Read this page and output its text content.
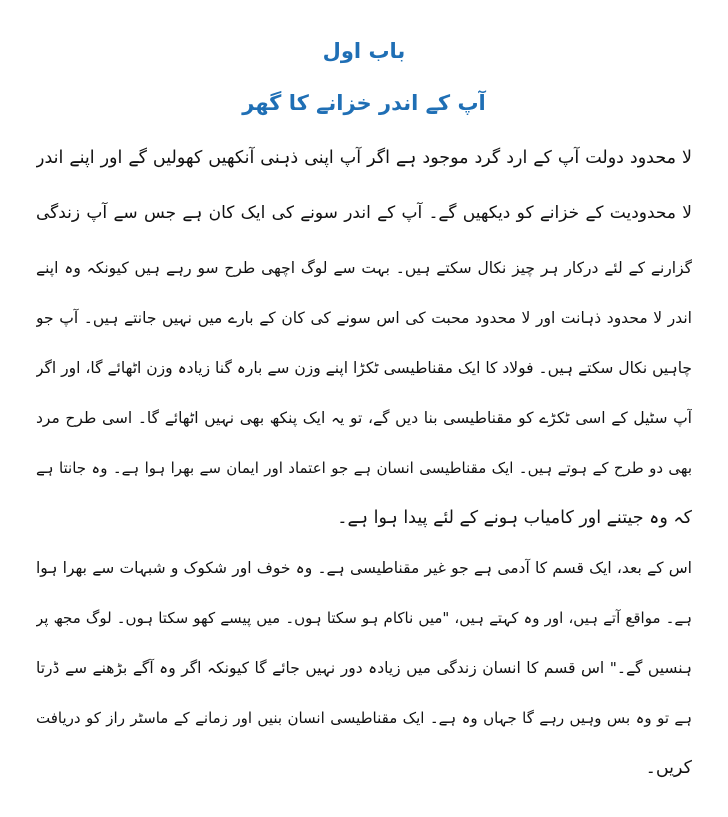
باب اول
آپ کے اندر خزانے کا گھر
لا محدود دولت آپ کے ارد گرد موجود ہے اگر آپ اپنی ذہنی آنکھیں کھولیں گے اور اپنے اندر
لا محدودیت کے خزانے کو دیکھیں گے۔ آپ کے اندر سونے کی ایک کان ہے جس سے آپ زندگی
گزارنے کے لئے درکار ہر چیز نکال سکتے ہیں۔ بہت سے لوگ اچھی طرح سو رہے ہیں کیونکہ وہ اپنے
اندر لا محدود ذہانت اور لا محدود محبت کی اس سونے کی کان کے بارے میں نہیں جانتے ہیں۔ آپ جو
چاہیں نکال سکتے ہیں۔ فولاد کا ایک مقناطیسی ٹکڑا اپنے وزن سے بارہ گنا زیادہ وزن اٹھائے گا، اور اگر
آپ سٹیل کے اسی ٹکڑے کو مقناطیسی بنا دیں گے، تو یہ ایک پنکھ بھی نہیں اٹھائے گا۔ اسی طرح مرد
بھی دو طرح کے ہوتے ہیں۔ ایک مقناطیسی انسان ہے جو اعتماد اور ایمان سے بھرا ہوا ہے۔ وہ جانتا ہے
کہ وہ جیتنے اور کامیاب ہونے کے لئے پیدا ہوا ہے۔
اس کے بعد، ایک قسم کا آدمی ہے جو غیر مقناطیسی ہے۔ وہ خوف اور شکوک و شبہات سے بھرا ہوا
ہے۔ مواقع آتے ہیں، اور وہ کہتے ہیں، "میں ناکام ہو سکتا ہوں۔ میں پیسے کھو سکتا ہوں۔ لوگ مجھ پر
ہنسیں گے۔" اس قسم کا انسان زندگی میں زیادہ دور نہیں جائے گا کیونکہ اگر وہ آگے بڑھنے سے ڈرتا
ہے تو وہ بس وہیں رہے گا جہاں وہ ہے۔ ایک مقناطیسی انسان بنیں اور زمانے کے ماسٹر راز کو دریافت
کریں۔
